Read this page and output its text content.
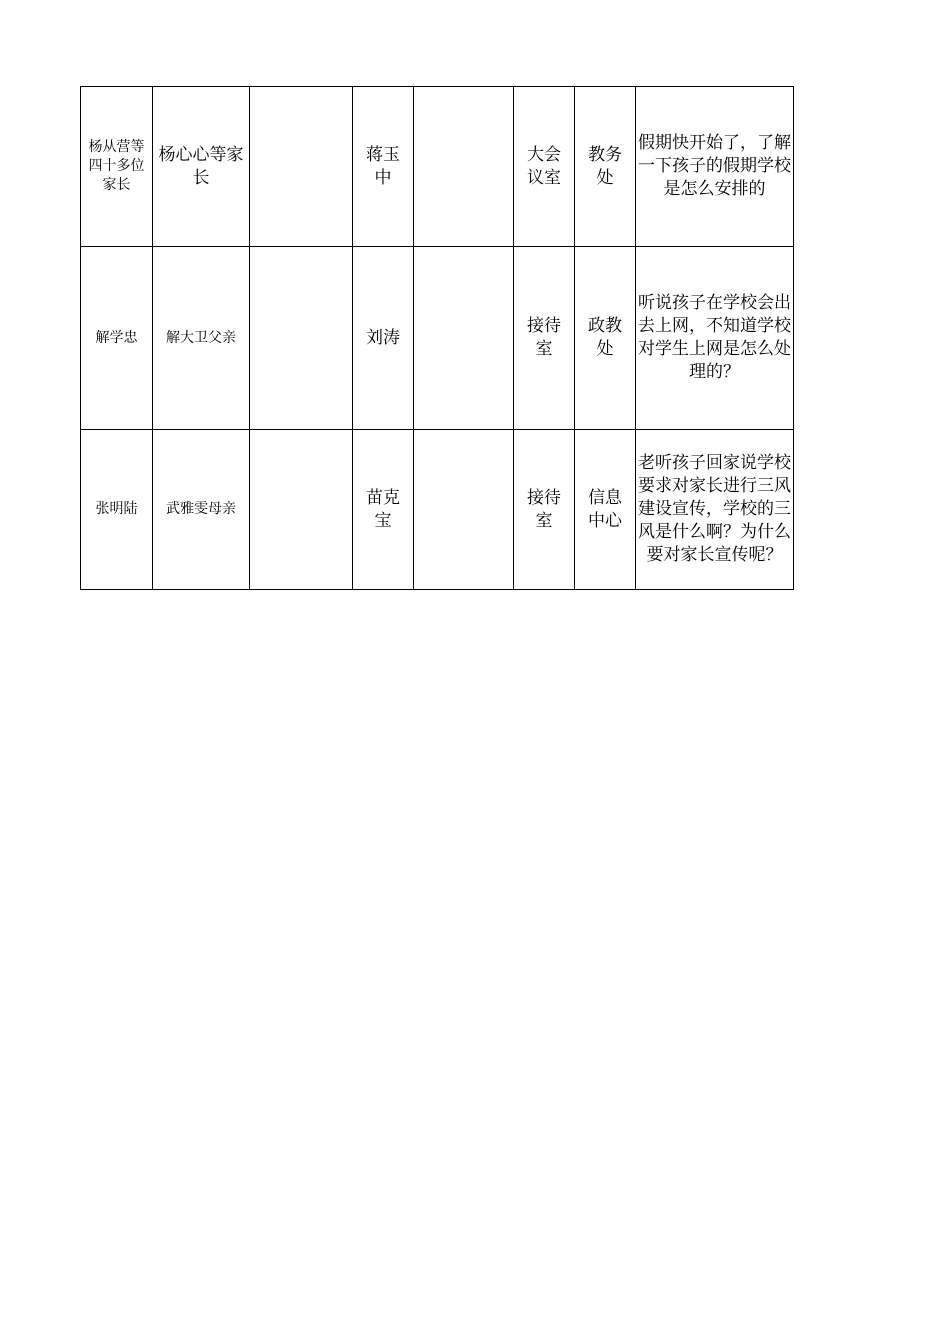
杨从营等四十多位家长	杨心心等家长		蒋玉中		大会议室	教务处	假期快开始了，了解一下孩子的假期学校是怎么安排的

解学忠	解大卫父亲		刘涛		接待室	政教处	听说孩子在学校会出去上网，不知道学校对学生上网是怎么处理的？

张明陆	武雅雯母亲		苗克宝		接待室	信息中心	老听孩子回家说学校要求对家长进行三风建设宣传，学校的三风是什么啊？为什么要对家长宣传呢？
